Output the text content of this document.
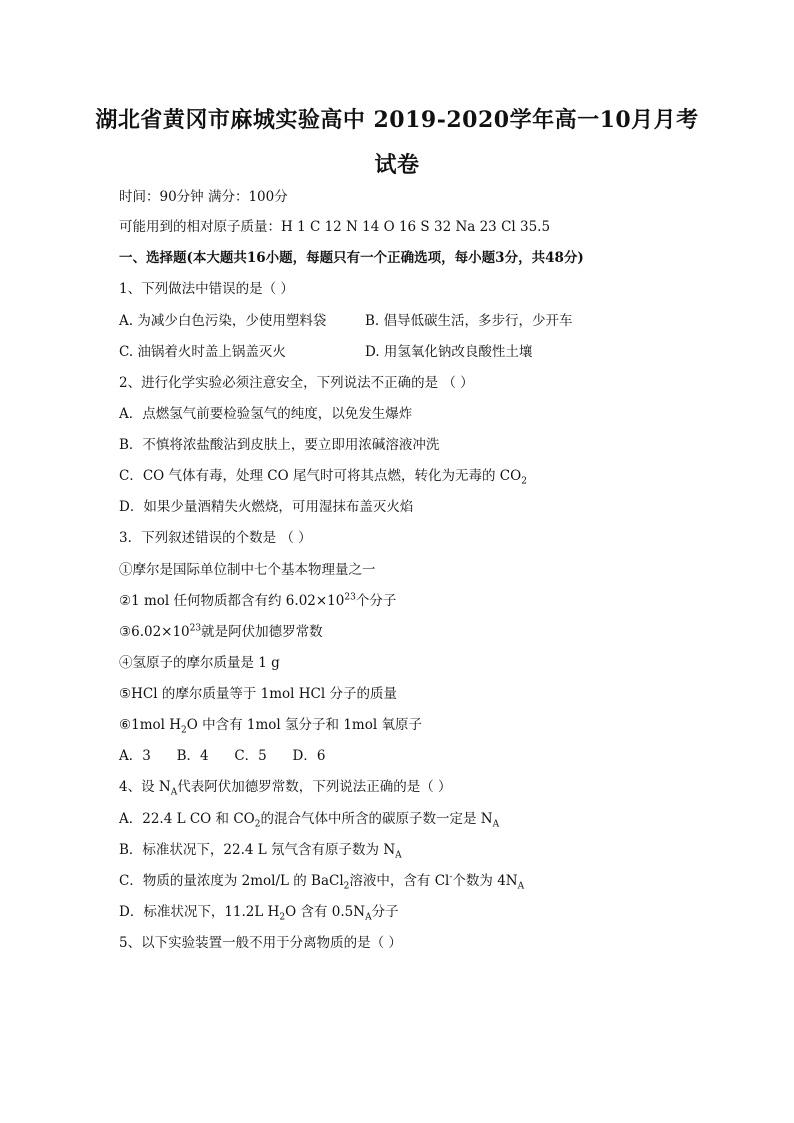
湖北省黄冈市麻城实验高中 2019-2020学年高一10月月考
试卷
时间：90分钟 满分：100分
可能用到的相对原子质量：H 1 C 12 N 14 O 16 S 32 Na 23 Cl 35.5
一、选择题(本大题共16小题，每题只有一个正确选项，每小题3分，共48分)
1、下列做法中错误的是（ ）
A. 为减少白色污染，少使用塑料袋	B. 倡导低碳生活，多步行，少开车
C. 油锅着火时盖上锅盖灭火	D. 用氢氧化钠改良酸性土壤
2、进行化学实验必须注意安全，下列说法不正确的是 （ ）
A．点燃氢气前要检验氢气的纯度，以免发生爆炸
B．不慎将浓盐酸沾到皮肤上，要立即用浓碱溶液冲洗
C．CO 气体有毒，处理 CO 尾气时可将其点燃，转化为无毒的 $CO_2$
D．如果少量酒精失火燃烧，可用湿抹布盖灭火焰
3．下列叙述错误的个数是 （ ）
①摩尔是国际单位制中七个基本物理量之一
②1 mol 任何物质都含有约 $6.02\times 10^{23}$个分子
$③6.02\times 10^{23}$就是阿伏加德罗常数
④氢原子的摩尔质量是 1 g
⑤HCl 的摩尔质量等于 1mol HCl 分子的质量
⑥1mol $H_2O$ 中含有 1mol 氢分子和 1mol 氧原子
A．3      B．4      C．5      D．6
4、设 $N_A$代表阿伏加德罗常数，下列说法正确的是（ ）
A．22.4 L CO 和 $CO_2$的混合气体中所含的碳原子数一定是 $N_A$
B．标准状况下，22.4 L 氖气含有原子数为 $N_A$
C．物质的量浓度为 2mol/L 的 BaCl$_2$溶液中，含有 Cl-个数为 $4N_A$
D．标准状况下，11.2L $H_2O$ 含有 $0.5N_A$分子
5、以下实验装置一般不用于分离物质的是（ ）
